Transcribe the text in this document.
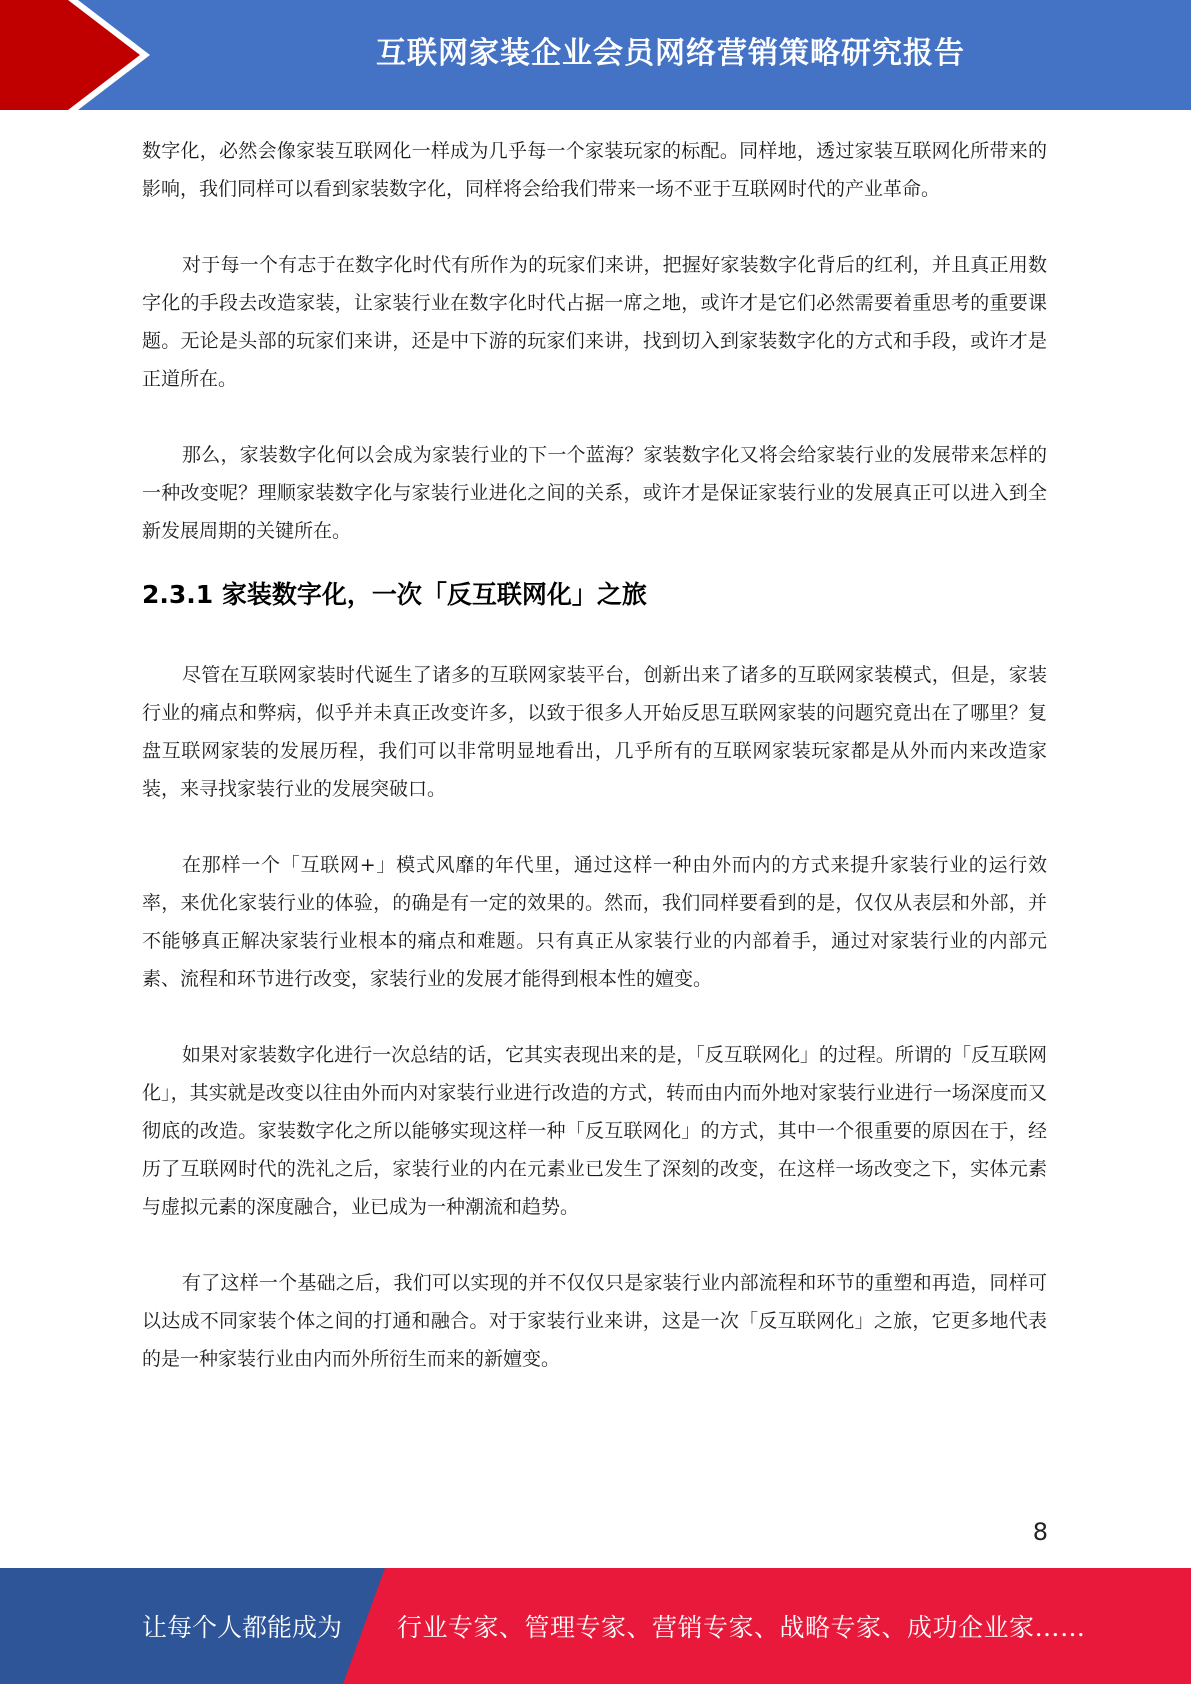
互联网家装企业会员网络营销策略研究报告

数字化，必然会像家装互联网化一样成为几乎每一个家装玩家的标配。同样地，透过家装互联网化所带来的影响，我们同样可以看到家装数字化，同样将会给我们带来一场不亚于互联网时代的产业革命。

对于每一个有志于在数字化时代有所作为的玩家们来讲，把握好家装数字化背后的红利，并且真正用数字化的手段去改造家装，让家装行业在数字化时代占据一席之地，或许才是它们必然需要着重思考的重要课题。无论是头部的玩家们来讲，还是中下游的玩家们来讲，找到切入到家装数字化的方式和手段，或许才是正道所在。

那么，家装数字化何以会成为家装行业的下一个蓝海？家装数字化又将会给家装行业的发展带来怎样的一种改变呢？理顺家装数字化与家装行业进化之间的关系，或许才是保证家装行业的发展真正可以进入到全新发展周期的关键所在。

2.3.1 家装数字化，一次「反互联网化」之旅

尽管在互联网家装时代诞生了诸多的互联网家装平台，创新出来了诸多的互联网家装模式，但是，家装行业的痛点和弊病，似乎并未真正改变许多，以致于很多人开始反思互联网家装的问题究竟出在了哪里？复盘互联网家装的发展历程，我们可以非常明显地看出，几乎所有的互联网家装玩家都是从外而内来改造家装，来寻找家装行业的发展突破口。

在那样一个「互联网+」模式风靡的年代里，通过这样一种由外而内的方式来提升家装行业的运行效率，来优化家装行业的体验，的确是有一定的效果的。然而，我们同样要看到的是，仅仅从表层和外部，并不能够真正解决家装行业根本的痛点和难题。只有真正从家装行业的内部着手，通过对家装行业的内部元素、流程和环节进行改变，家装行业的发展才能得到根本性的嬗变。

如果对家装数字化进行一次总结的话，它其实表现出来的是，「反互联网化」的过程。所谓的「反互联网化」，其实就是改变以往由外而内对家装行业进行改造的方式，转而由内而外地对家装行业进行一场深度而又彻底的改造。家装数字化之所以能够实现这样一种「反互联网化」的方式，其中一个很重要的原因在于，经历了互联网时代的洗礼之后，家装行业的内在元素业已发生了深刻的改变，在这样一场改变之下，实体元素与虚拟元素的深度融合，业已成为一种潮流和趋势。

有了这样一个基础之后，我们可以实现的并不仅仅只是家装行业内部流程和环节的重塑和再造，同样可以达成不同家装个体之间的打通和融合。对于家装行业来讲，这是一次「反互联网化」之旅，它更多地代表的是一种家装行业由内而外所衍生而来的新嬗变。

8
让每个人都能成为 行业专家、管理专家、营销专家、战略专家、成功企业家……
